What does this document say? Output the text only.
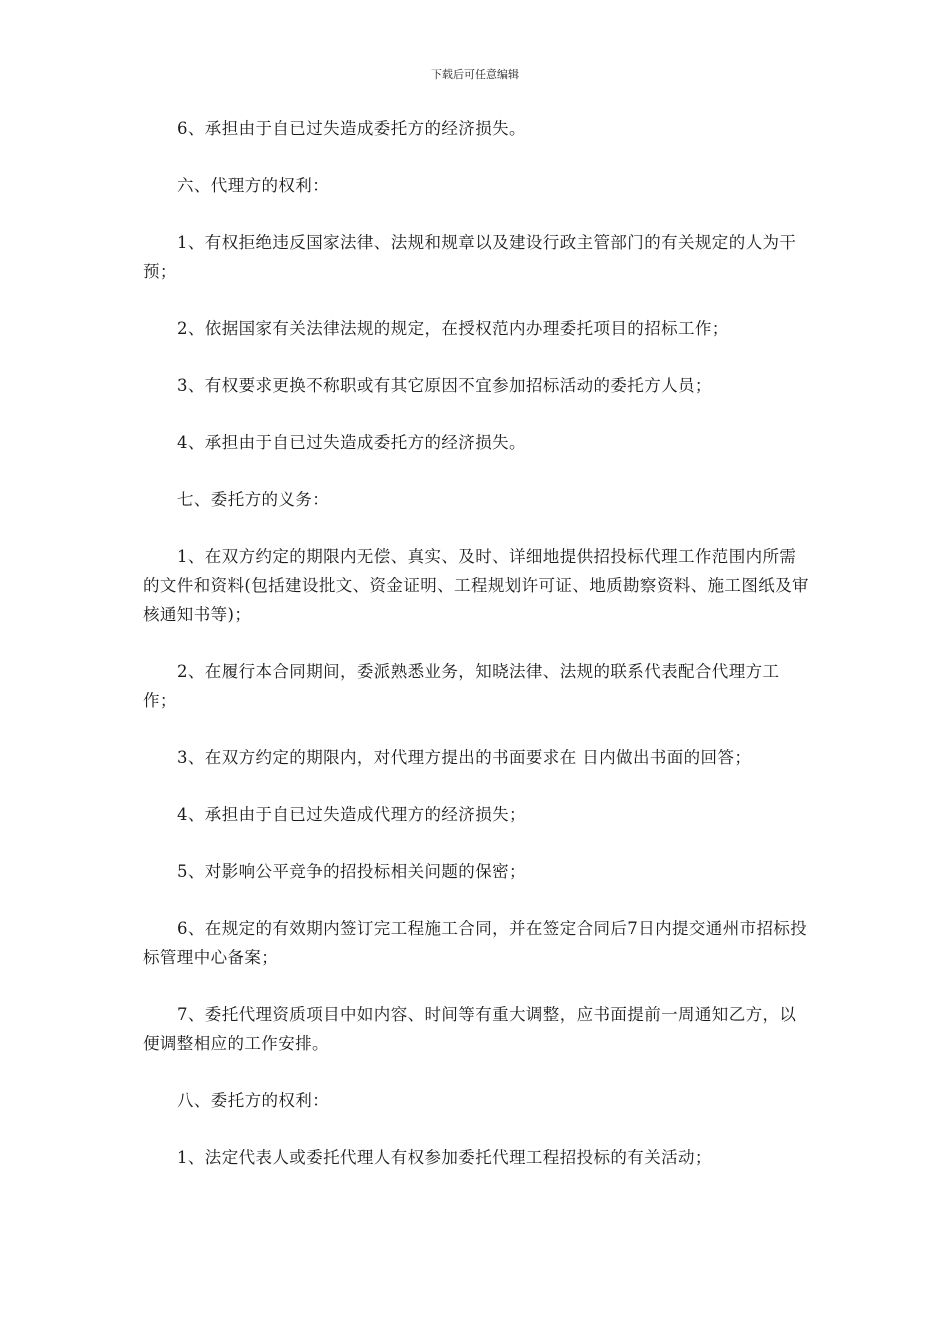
下载后可任意编辑

6、承担由于自已过失造成委托方的经济损失。

六、代理方的权利：

1、有权拒绝违反国家法律、法规和规章以及建设行政主管部门的有关规定的人为干预；

2、依据国家有关法律法规的规定，在授权范内办理委托项目的招标工作；

3、有权要求更换不称职或有其它原因不宜参加招标活动的委托方人员；

4、承担由于自已过失造成委托方的经济损失。

七、委托方的义务：

1、在双方约定的期限内无偿、真实、及时、详细地提供招投标代理工作范围内所需的文件和资料(包括建设批文、资金证明、工程规划许可证、地质勘察资料、施工图纸及审核通知书等)；

2、在履行本合同期间，委派熟悉业务，知晓法律、法规的联系代表配合代理方工作；

3、在双方约定的期限内，对代理方提出的书面要求在 日内做出书面的回答；

4、承担由于自已过失造成代理方的经济损失；

5、对影响公平竞争的招投标相关问题的保密；

6、在规定的有效期内签订完工程施工合同，并在签定合同后7日内提交通州市招标投标管理中心备案；

7、委托代理资质项目中如内容、时间等有重大调整，应书面提前一周通知乙方，以便调整相应的工作安排。

八、委托方的权利：

1、法定代表人或委托代理人有权参加委托代理工程招投标的有关活动；
